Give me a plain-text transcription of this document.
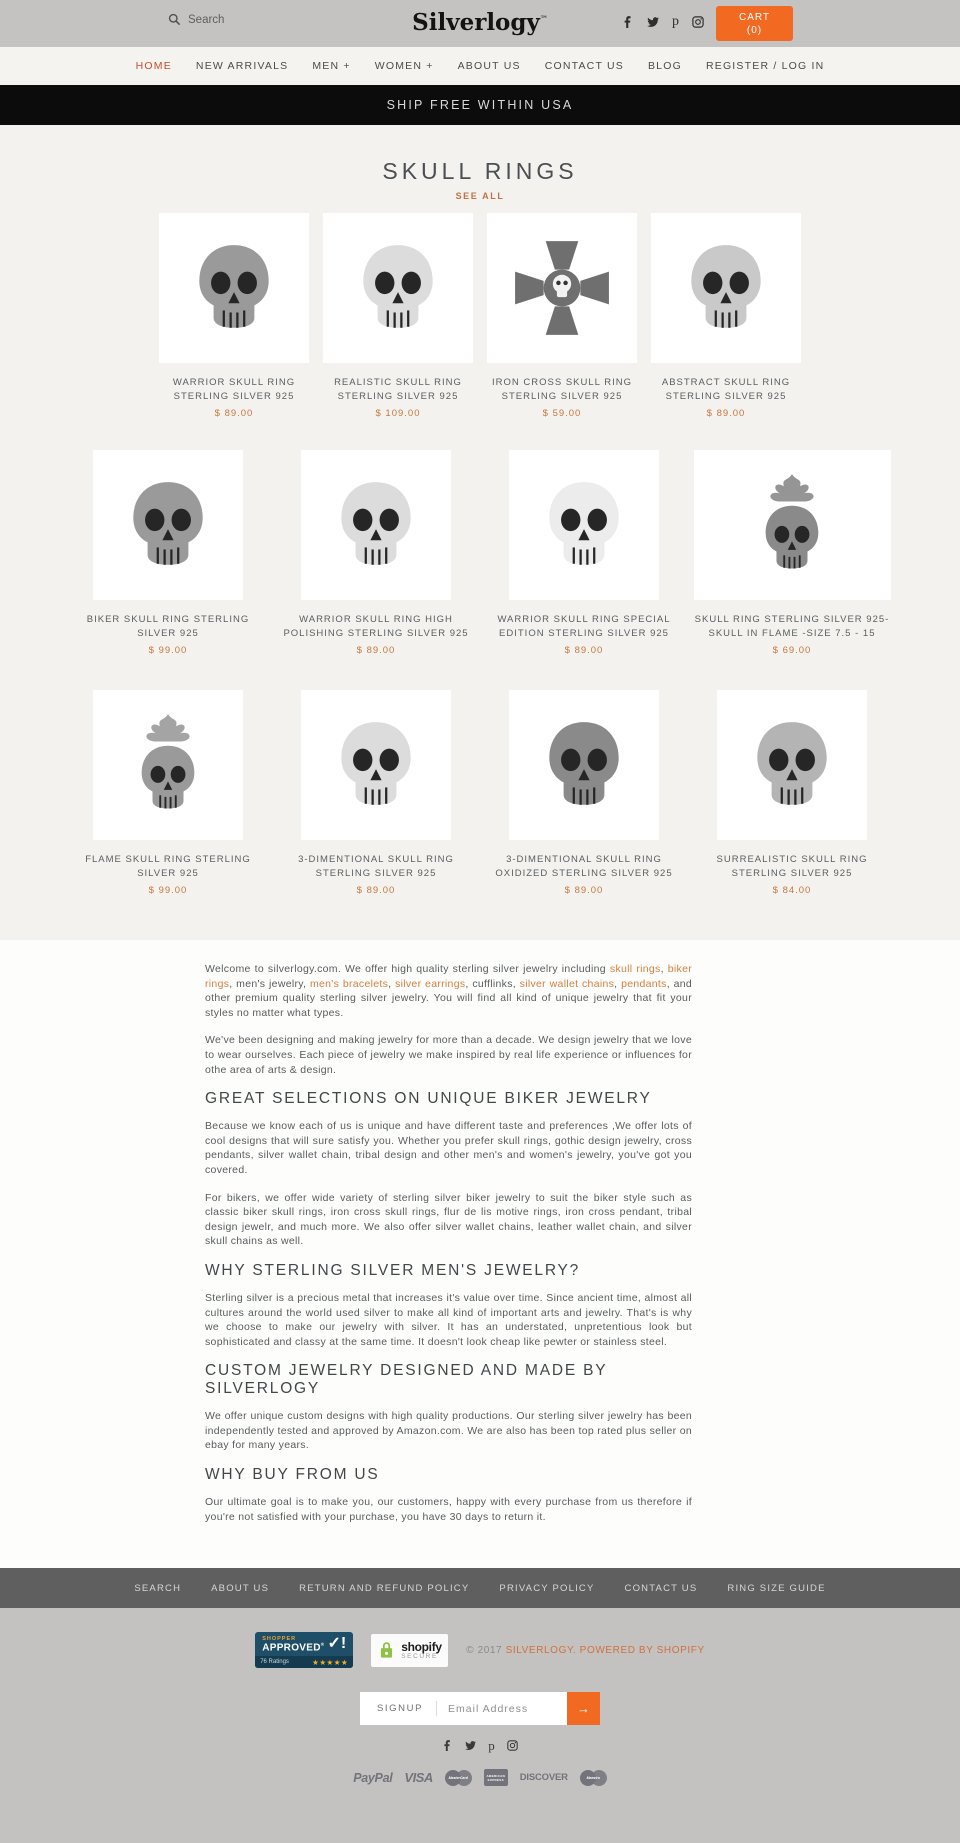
Search
Silverlogy™	p	CART
(0)
HOME NEW ARRIVALS MEN + WOMEN + ABOUT US CONTACT US BLOG REGISTER / LOG IN
SHIP FREE WITHIN USA
SKULL RINGS
SEE ALL
WARRIOR SKULL RING STERLING SILVER 925
$ 89.00
REALISTIC SKULL RING STERLING SILVER 925
$ 109.00
IRON CROSS SKULL RING STERLING SILVER 925
$ 59.00
ABSTRACT SKULL RING STERLING SILVER 925
$ 89.00
BIKER SKULL RING STERLING SILVER 925
$ 99.00
WARRIOR SKULL RING HIGH POLISHING STERLING SILVER 925
$ 89.00
WARRIOR SKULL RING SPECIAL EDITION STERLING SILVER 925
$ 89.00
SKULL RING STERLING SILVER 925- SKULL IN FLAME -SIZE 7.5 - 15
$ 69.00
FLAME SKULL RING STERLING SILVER 925
$ 99.00
3-DIMENTIONAL SKULL RING STERLING SILVER 925
$ 89.00
3-DIMENTIONAL SKULL RING OXIDIZED STERLING SILVER 925
$ 89.00
SURREALISTIC SKULL RING STERLING SILVER 925
$ 84.00

Welcome to silverlogy.com. We offer high quality sterling silver jewelry including skull rings, biker rings, men's jewelry, men's bracelets, silver earrings, cufflinks, silver wallet chains, pendants, and other premium quality sterling silver jewelry. You will find all kind of unique jewelry that fit your styles no matter what types.

We've been designing and making jewelry for more than a decade. We design jewelry that we love to wear ourselves. Each piece of jewelry we make inspired by real life experience or influences for othe area of arts & design.

GREAT SELECTIONS ON UNIQUE BIKER JEWELRY

Because we know each of us is unique and have different taste and preferences ,We offer lots of cool designs that will sure satisfy you. Whether you prefer skull rings, gothic design jewelry, cross pendants, silver wallet chain, tribal design and other men's and women's jewelry, you've got you covered.

For bikers, we offer wide variety of sterling silver biker jewelry to suit the biker style such as classic biker skull rings, iron cross skull rings, flur de lis motive rings, iron cross pendant, tribal design jewelr, and much more. We also offer silver wallet chains, leather wallet chain, and silver skull chains as well.

WHY STERLING SILVER MEN'S JEWELRY?

Sterling silver is a precious metal that increases it's value over time. Since ancient time, almost all cultures around the world used silver to make all kind of important arts and jewelry. That's is why we choose to make our jewelry with silver. It has an understated, unpretentious look but sophisticated and classy at the same time. It doesn't look cheap like pewter or stainless steel.

CUSTOM JEWELRY DESIGNED AND MADE BY SILVERLOGY

We offer unique custom designs with high quality productions. Our sterling silver jewelry has been independently tested and approved by Amazon.com. We are also has been top rated plus seller on ebay for many years.

WHY BUY FROM US

Our ultimate goal is to make you, our customers, happy with every purchase from us therefore if you're not satisfied with your purchase, you have 30 days to return it.

SEARCH	ABOUT US	RETURN AND REFUND POLICY	PRIVACY POLICY	CONTACT US	RING SIZE GUIDE
SHOPPER
APPROVED® ✓!
76 Ratings	★★★★★
shopify
SECURE
© 2017 SILVERLOGY. POWERED BY SHOPIFY
SIGNUP
Email Address	→
p
PayPal VISA	MasterCard	AMERICAN EXPRESS	DISCOVER	Maestro
